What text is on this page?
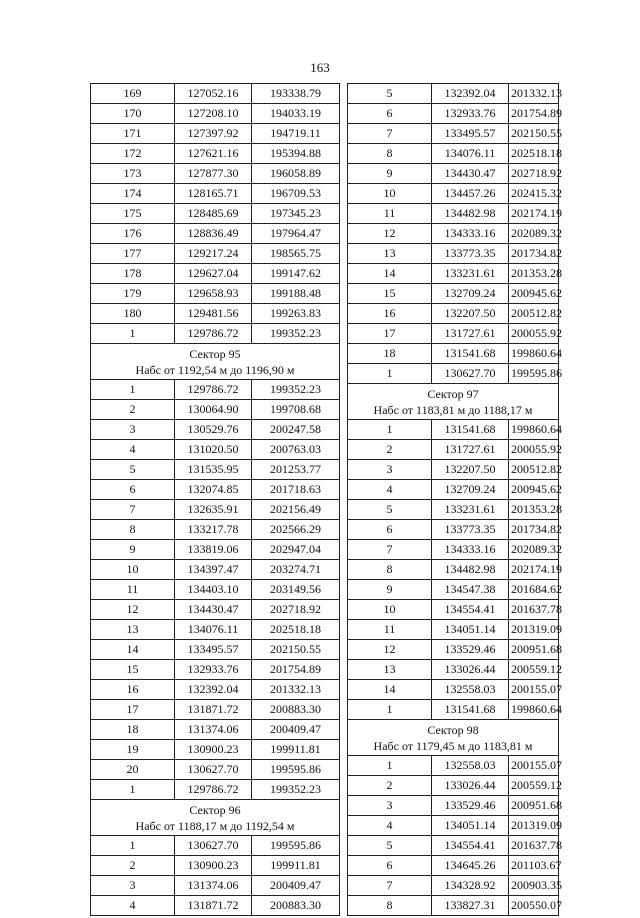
163
169	127052.16	193338.79
170	127208.10	194033.19
171	127397.92	194719.11
172	127621.16	195394.88
173	127877.30	196058.89
174	128165.71	196709.53
175	128485.69	197345.23
176	128836.49	197964.47
177	129217.24	198565.75
178	129627.04	199147.62
179	129658.93	199188.48
180	129481.56	199263.83
1	129786.72	199352.23

Сектор 95
Набс от 1192,54 м до 1196,90 м		

1	129786.72	199352.23
2	130064.90	199708.68
3	130529.76	200247.58
4	131020.50	200763.03
5	131535.95	201253.77
6	132074.85	201718.63
7	132635.91	202156.49
8	133217.78	202566.29
9	133819.06	202947.04
10	134397.47	203274.71
11	134403.10	203149.56
12	134430.47	202718.92
13	134076.11	202518.18
14	133495.57	202150.55
15	132933.76	201754.89
16	132392.04	201332.13
17	131871.72	200883.30
18	131374.06	200409.47
19	130900.23	199911.81
20	130627.70	199595.86
1	129786.72	199352.23

Сектор 96
Набс от 1188,17 м до 1192,54 м		

1	130627.70	199595.86
2	130900.23	199911.81
3	131374.06	200409.47
4	131871.72	200883.30
5	132392.04	201332.13
6	132933.76	201754.89
7	133495.57	202150.55
8	134076.11	202518.18
9	134430.47	202718.92
10	134457.26	202415.32
11	134482.98	202174.19
12	134333.16	202089.32
13	133773.35	201734.82
14	133231.61	201353.28
15	132709.24	200945.62
16	132207.50	200512.82
17	131727.61	200055.92
18	131541.68	199860.64
1	130627.70	199595.86

Сектор 97
Набс от 1183,81 м до 1188,17 м		

1	131541.68	199860.64
2	131727.61	200055.92
3	132207.50	200512.82
4	132709.24	200945.62
5	133231.61	201353.28
6	133773.35	201734.82
7	134333.16	202089.32
8	134482.98	202174.19
9	134547.38	201684.62
10	134554.41	201637.78
11	134051.14	201319.09
12	133529.46	200951.68
13	133026.44	200559.12
14	132558.03	200155.07
1	131541.68	199860.64

Сектор 98
Набс от 1179,45 м до 1183,81 м		

1	132558.03	200155.07
2	133026.44	200559.12
3	133529.46	200951.68
4	134051.14	201319.09
5	134554.41	201637.78
6	134645.26	201103.67
7	134328.92	200903.35
8	133827.31	200550.07
